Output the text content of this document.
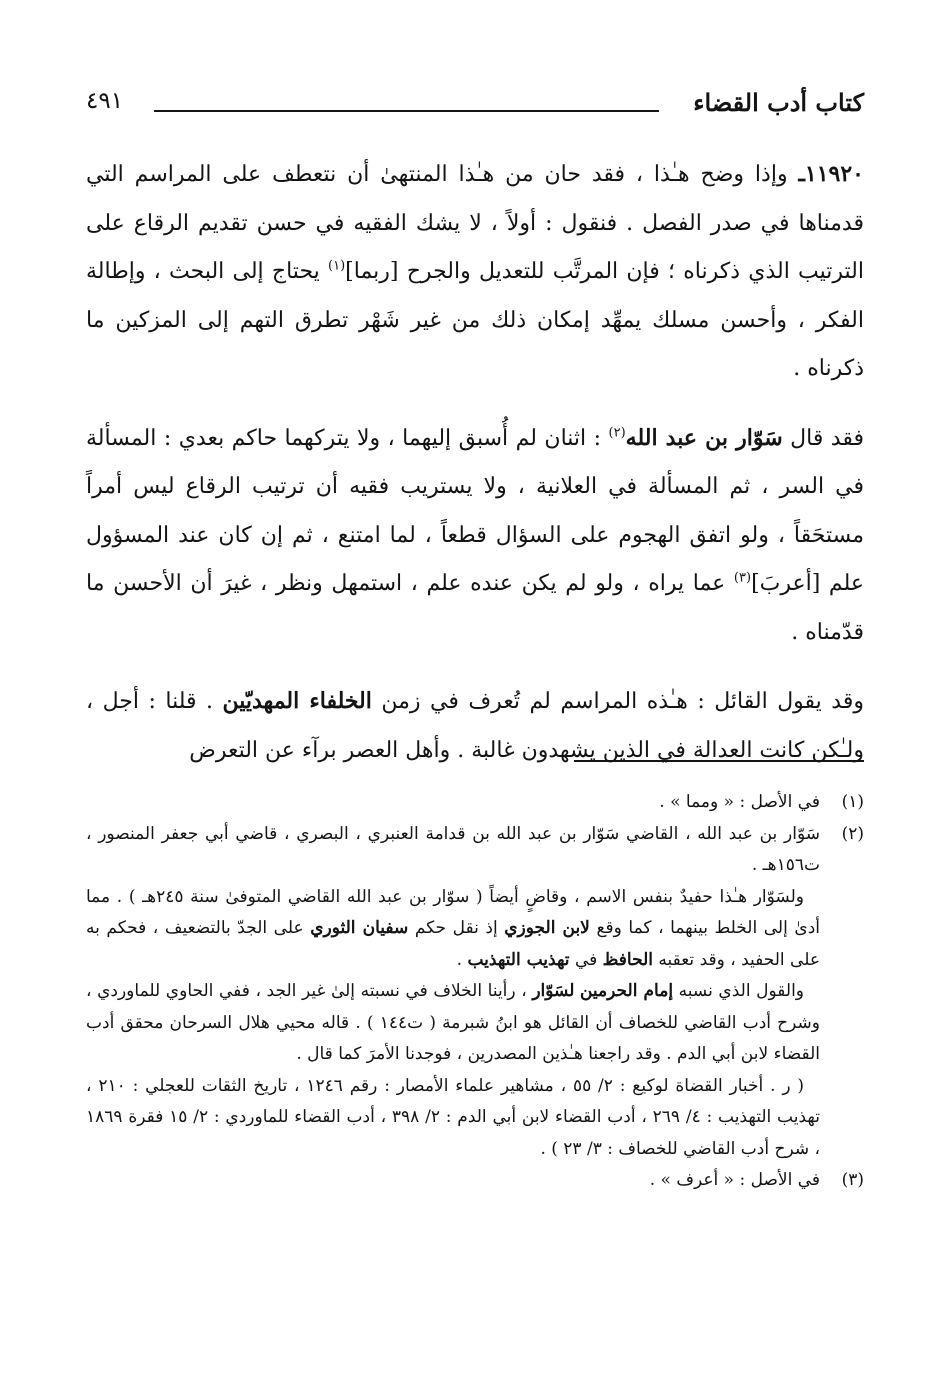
كتاب أدب القضاء
٤٩١

١١٩٢٠ـ وإذا وضح هـٰذا ، فقد حان من هـٰذا المنتهىٰ أن نتعطف على المراسم التي قدمناها في صدر الفصل . فنقول : أولاً ، لا يشك الفقيه في حسن تقديم الرقاع على الترتيب الذي ذكرناه ؛ فإن المرتَّب للتعديل والجرح [ربما]$^{(١)}$ يحتاج إلى البحث ، وإطالة الفكر ، وأحسن مسلك يمهِّد إمكان ذلك من غير شَهْر تطرق التهم إلى المزكين ما ذكرناه .

فقد قال سَوّار بن عبد الله$^{(٢)}$ : اثنان لم أُسبق إليهما ، ولا يتركهما حاكم بعدي : المسألة في السر ، ثم المسألة في العلانية ، ولا يستريب فقيه أن ترتيب الرقاع ليس أمراً مستحَقاً ، ولو اتفق الهجوم على السؤال قطعاً ، لما امتنع ، ثم إن كان عند المسؤول علم [أعربَ]$^{(٣)}$ عما يراه ، ولو لم يكن عنده علم ، استمهل ونظر ، غيرَ أن الأحسن ما قدّمناه .

وقد يقول القائل : هـٰذه المراسم لم تُعرف في زمن الخلفاء المهديّين . قلنا : أجل ، ولـٰكن كانت العدالة في الذين يشهدون غالبة . وأهل العصر برآء عن التعرض

(١)
في الأصل : « ومما » .

(٢)

سَوّار بن عبد الله ، القاضي سَوّار بن عبد الله بن قدامة العنبري ، البصري ، قاضي أبي جعفر المنصور ، ت١٥٦هـ .

ولسَوّار هـٰذا حفيدٌ بنفس الاسم ، وقاضٍ أيضاً ( سوّار بن عبد الله القاضي المتوفىٰ سنة ٢٤٥هـ ) . مما أدىٰ إلى الخلط بينهما ، كما وقع لابن الجوزي إذ نقل حكم سفيان الثوري على الجدّ بالتضعيف ، فحكم به على الحفيد ، وقد تعقبه الحافظ في تهذيب التهذيب .

والقول الذي نسبه إمام الحرمين لسَوّار ، رأينا الخلاف في نسبته إلىٰ غير الجد ، ففي الحاوي للماوردي ، وشرح أدب القاضي للخصاف أن القائل هو ابنُ شبرمة ( ت١٤٤ ) . قاله محيي هلال السرحان محقق أدب القضاء لابن أبي الدم . وقد راجعنا هـٰذين المصدرين ، فوجدنا الأمرَ كما قال .

( ر . أخبار القضاة لوكيع : ٢/ ٥٥ ، مشاهير علماء الأمصار : رقم ١٢٤٦ ، تاريخ الثقات للعجلي : ٢١٠ ، تهذيب التهذيب : ٤/ ٢٦٩ ، أدب القضاء لابن أبي الدم : ٢/ ٣٩٨ ، أدب القضاء للماوردي : ٢/ ١٥ فقرة ١٨٦٩ ، شرح أدب القاضي للخصاف : ٣/ ٢٣ ) .

(٣)
في الأصل : « أعرف » .
